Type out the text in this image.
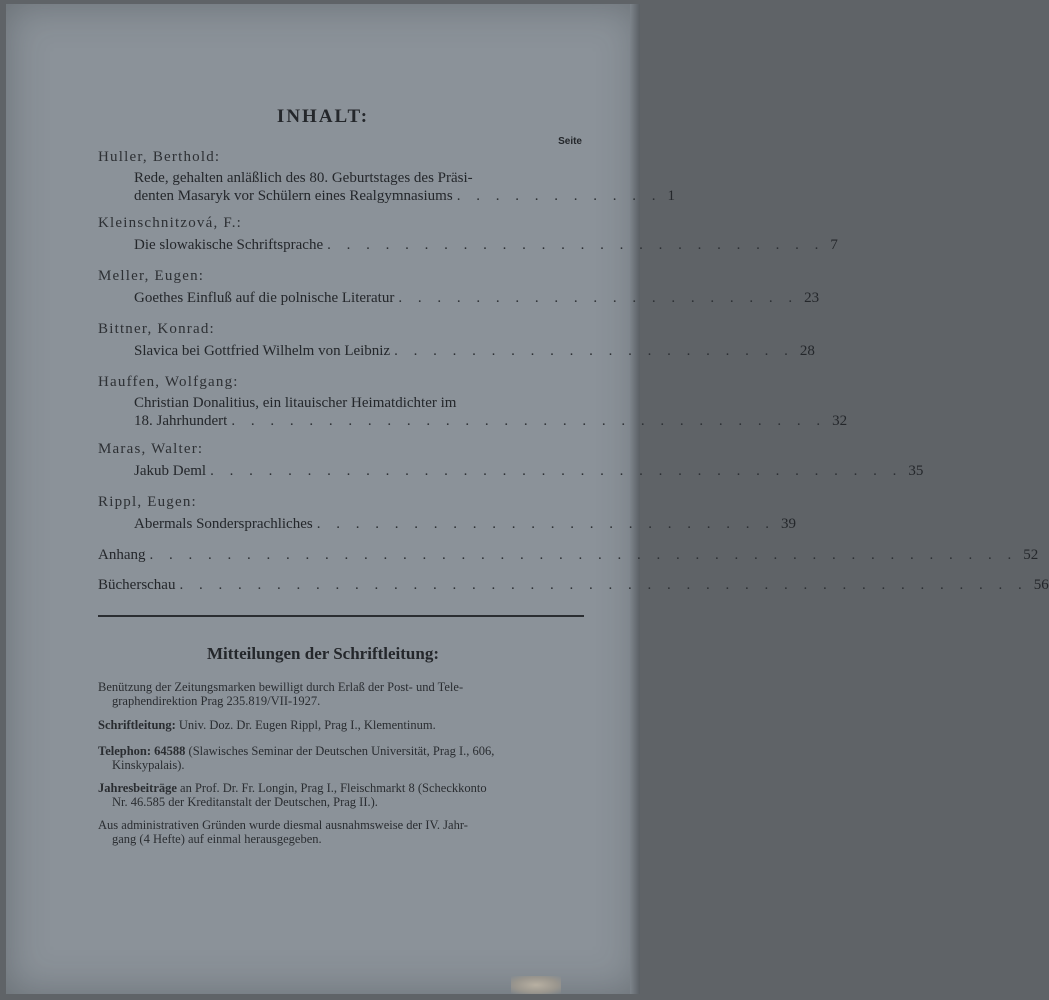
INHALT:
Seite
Huller, Berthold:
Rede, gehalten anläßlich des 80. Geburtstages des Präsi-
denten Masaryk vor Schülern eines Realgymnasiums . . . . . . . . . . . 1
Kleinschnitzová, F.:
Die slowakische Schriftsprache . . . . . . . . . . . . . . . . . . . . . . . . . . 7
Meller, Eugen:
Goethes Einfluß auf die polnische Literatur . . . . . . . . . . . . . . . . . . . . . 23
Bittner, Konrad:
Slavica bei Gottfried Wilhelm von Leibniz . . . . . . . . . . . . . . . . . . . . . 28
Hauffen, Wolfgang:
Christian Donalitius, ein litauischer Heimatdichter im
18. Jahrhundert . . . . . . . . . . . . . . . . . . . . . . . . . . . . . . . 32
Maras, Walter:
Jakub Deml . . . . . . . . . . . . . . . . . . . . . . . . . . . . . . . . . . . . 35
Rippl, Eugen:
Abermals Sondersprachliches . . . . . . . . . . . . . . . . . . . . . . . . 39
Anhang . . . . . . . . . . . . . . . . . . . . . . . . . . . . . . . . . . . . . . . . . . . . . 52
Bücherschau . . . . . . . . . . . . . . . . . . . . . . . . . . . . . . . . . . . . . . . . . . . . 56
Mitteilungen der Schriftleitung:
Benützung der Zeitungsmarken bewilligt durch Erlaß der Post- und Tele-
graphendirektion Prag 235.819/VII-1927.
Schriftleitung: Univ. Doz. Dr. Eugen Rippl, Prag I., Klementinum.
Telephon: 64588 (Slawisches Seminar der Deutschen Universität, Prag I., 606,
Kinskypalais).
Jahresbeiträge an Prof. Dr. Fr. Longin, Prag I., Fleischmarkt 8 (Scheckkonto
Nr. 46.585 der Kreditanstalt der Deutschen, Prag II.).
Aus administrativen Gründen wurde diesmal ausnahmsweise der IV. Jahr-
gang (4 Hefte) auf einmal herausgegeben.
